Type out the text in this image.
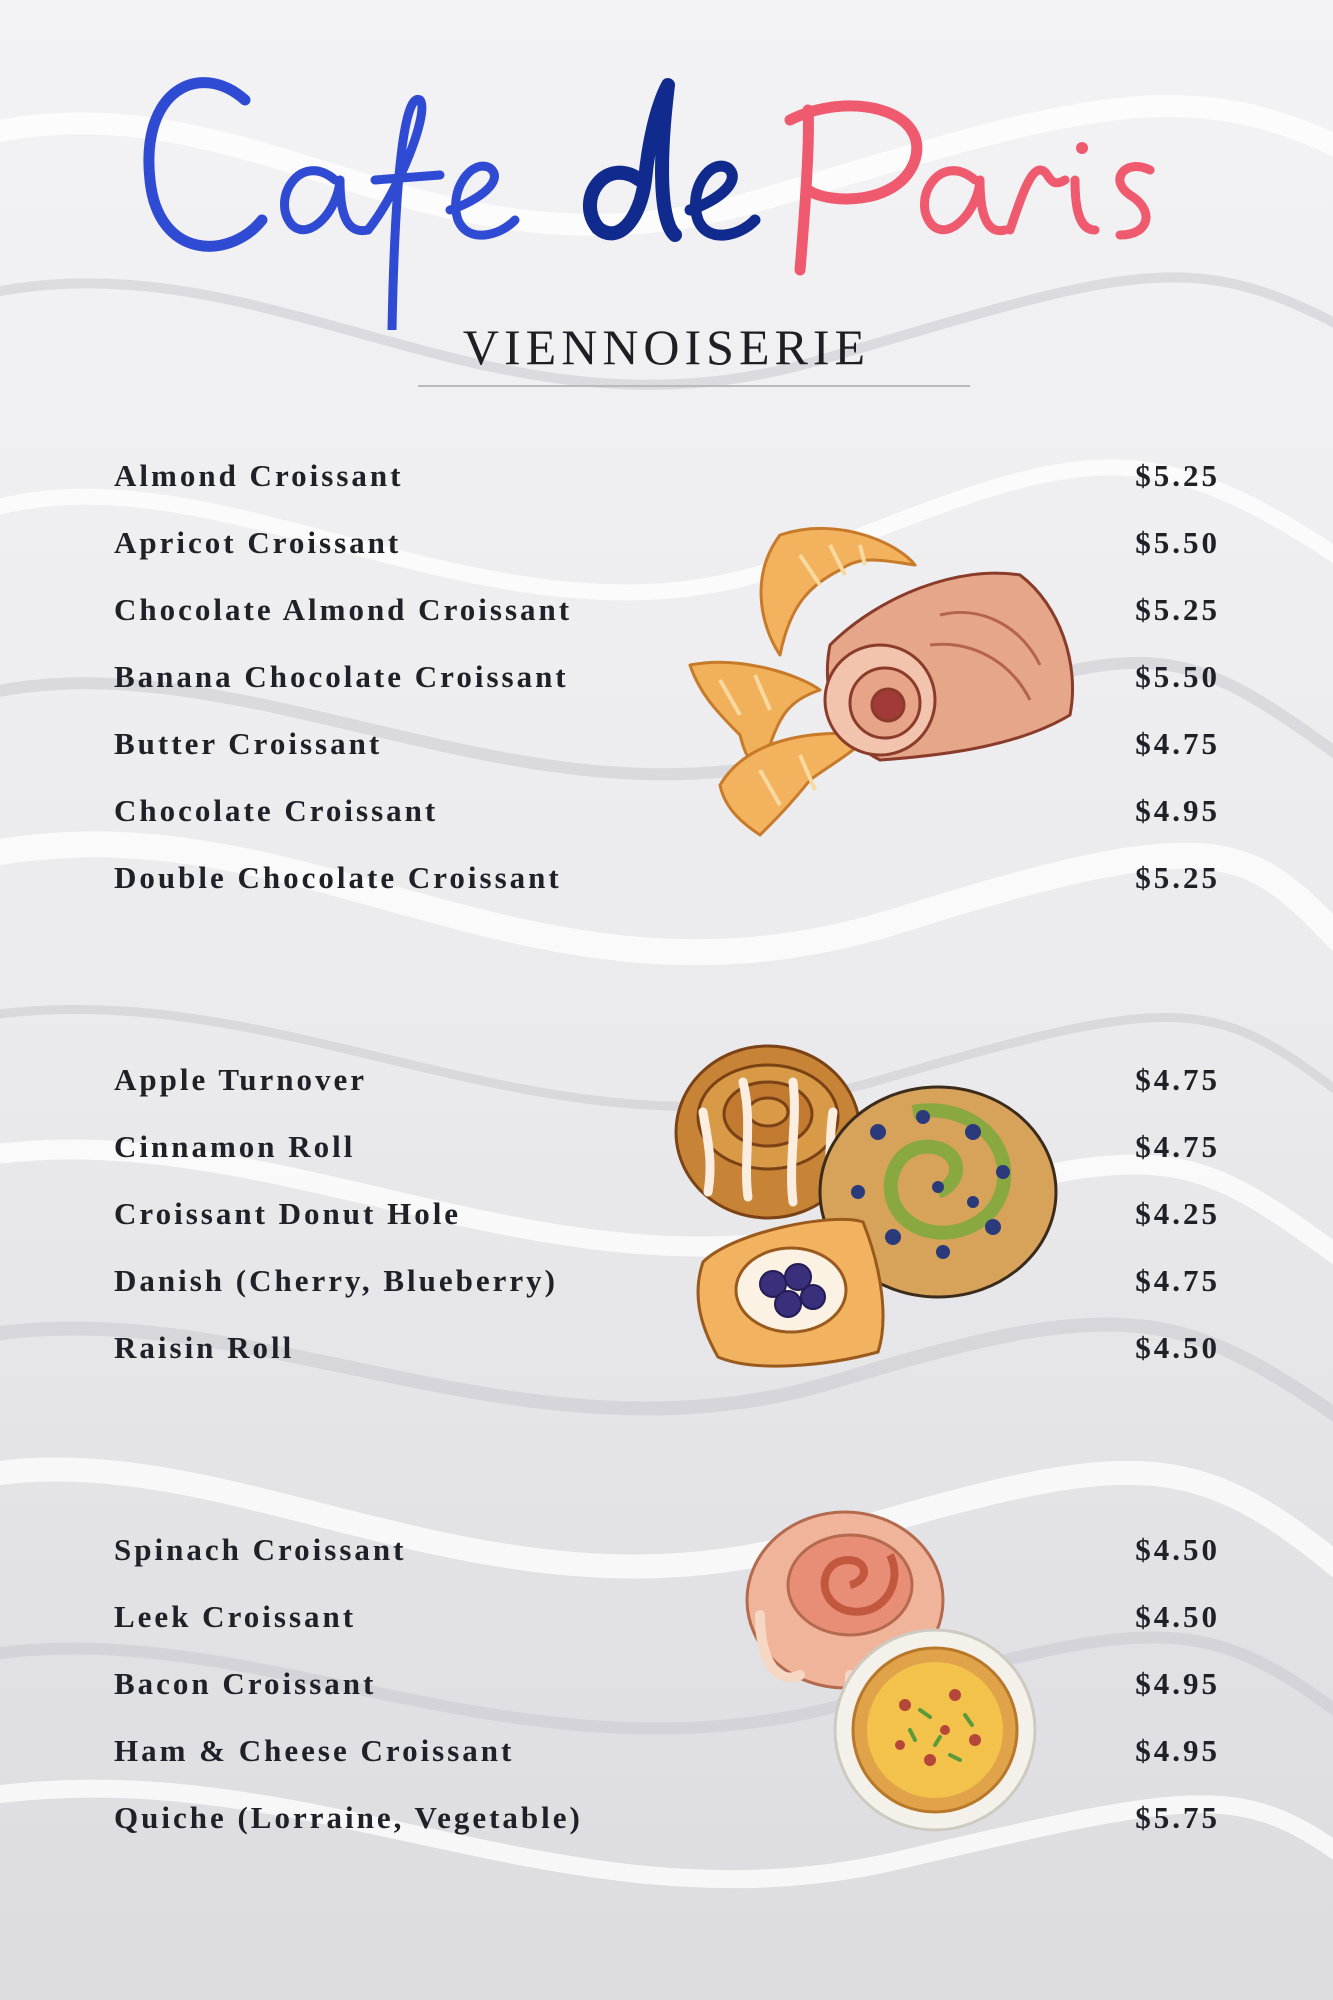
VIENNOISERIE
Almond Croissant	$5.25
Apricot Croissant	$5.50
Chocolate Almond Croissant	$5.25
Banana Chocolate Croissant	$5.50
Butter Croissant	$4.75
Chocolate Croissant	$4.95
Double Chocolate Croissant	$5.25
Apple Turnover	$4.75
Cinnamon Roll	$4.75
Croissant Donut Hole	$4.25
Danish (Cherry, Blueberry)	$4.75
Raisin Roll	$4.50
Spinach Croissant	$4.50
Leek Croissant	$4.50
Bacon Croissant	$4.95
Ham & Cheese Croissant	$4.95
Quiche (Lorraine, Vegetable)	$5.75
